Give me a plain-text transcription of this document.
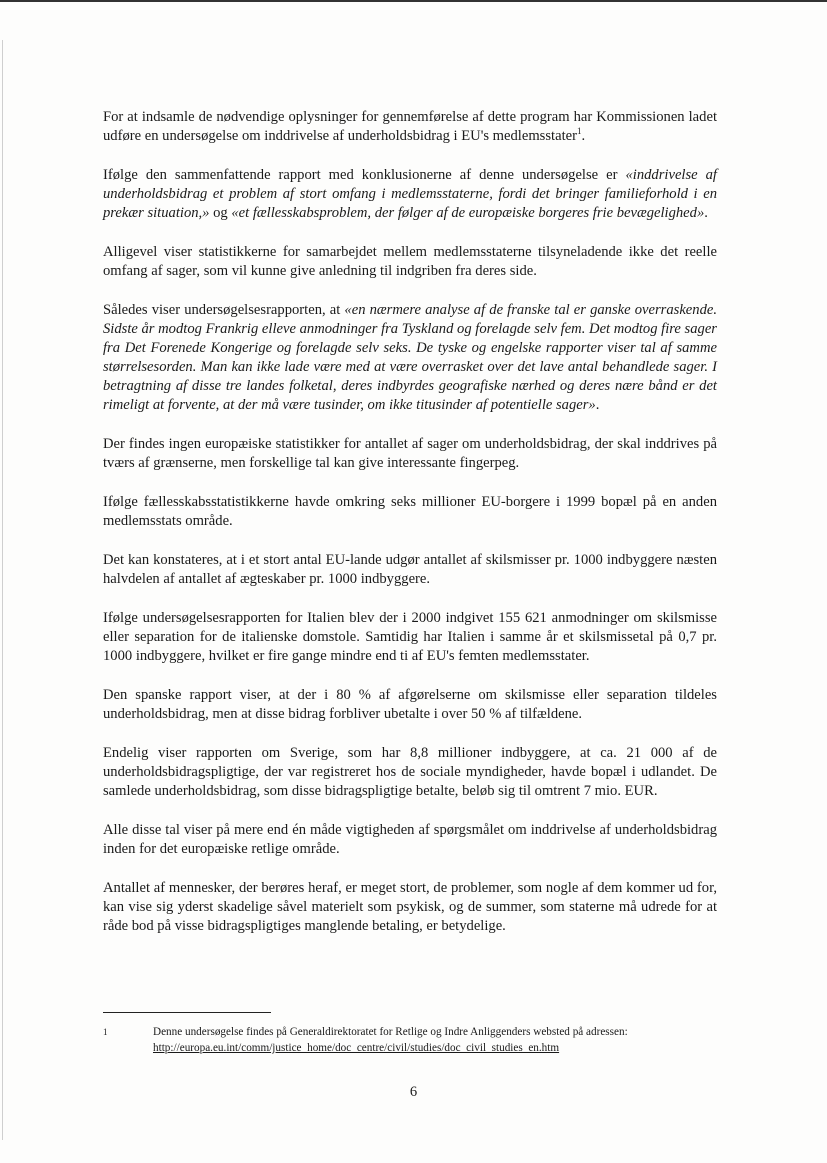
For at indsamle de nødvendige oplysninger for gennemførelse af dette program har Kommissionen ladet udføre en undersøgelse om inddrivelse af underholdsbidrag i EU's medlemsstater$^1$.

Ifølge den sammenfattende rapport med konklusionerne af denne undersøgelse er «inddrivelse af underholdsbidrag et problem af stort omfang i medlemsstaterne, fordi det bringer familieforhold i en prekær situation,» og «et fællesskabsproblem, der følger af de europæiske borgeres frie bevægelighed».

Alligevel viser statistikkerne for samarbejdet mellem medlemsstaterne tilsyneladende ikke det reelle omfang af sager, som vil kunne give anledning til indgriben fra deres side.

Således viser undersøgelsesrapporten, at «en nærmere analyse af de franske tal er ganske overraskende. Sidste år modtog Frankrig elleve anmodninger fra Tyskland og forelagde selv fem. Det modtog fire sager fra Det Forenede Kongerige og forelagde selv seks. De tyske og engelske rapporter viser tal af samme størrelsesorden. Man kan ikke lade være med at være overrasket over det lave antal behandlede sager. I betragtning af disse tre landes folketal, deres indbyrdes geografiske nærhed og deres nære bånd er det rimeligt at forvente, at der må være tusinder, om ikke titusinder af potentielle sager».

Der findes ingen europæiske statistikker for antallet af sager om underholdsbidrag, der skal inddrives på tværs af grænserne, men forskellige tal kan give interessante fingerpeg.

Ifølge fællesskabsstatistikkerne havde omkring seks millioner EU-borgere i 1999 bopæl på en anden medlemsstats område.

Det kan konstateres, at i et stort antal EU-lande udgør antallet af skilsmisser pr. 1000 indbyggere næsten halvdelen af antallet af ægteskaber pr. 1000 indbyggere.

Ifølge undersøgelsesrapporten for Italien blev der i 2000 indgivet 155 621 anmodninger om skilsmisse eller separation for de italienske domstole. Samtidig har Italien i samme år et skilsmissetal på 0,7 pr. 1000 indbyggere, hvilket er fire gange mindre end ti af EU's femten medlemsstater.

Den spanske rapport viser, at der i 80 % af afgørelserne om skilsmisse eller separation tildeles underholdsbidrag, men at disse bidrag forbliver ubetalte i over 50 % af tilfældene.

Endelig viser rapporten om Sverige, som har 8,8 millioner indbyggere, at ca. 21 000 af de underholdsbidragspligtige, der var registreret hos de sociale myndigheder, havde bopæl i udlandet. De samlede underholdsbidrag, som disse bidragspligtige betalte, beløb sig til omtrent 7 mio. EUR.

Alle disse tal viser på mere end én måde vigtigheden af spørgsmålet om inddrivelse af underholdsbidrag inden for det europæiske retlige område.

Antallet af mennesker, der berøres heraf, er meget stort, de problemer, som nogle af dem kommer ud for, kan vise sig yderst skadelige såvel materielt som psykisk, og de summer, som staterne må udrede for at råde bod på visse bidragspligtiges manglende betaling, er betydelige.

1	Denne undersøgelse findes på Generaldirektoratet for Retlige og Indre Anliggenders websted på adressen: http://europa.eu.int/comm/justice_home/doc_centre/civil/studies/doc_civil_studies_en.htm
6
